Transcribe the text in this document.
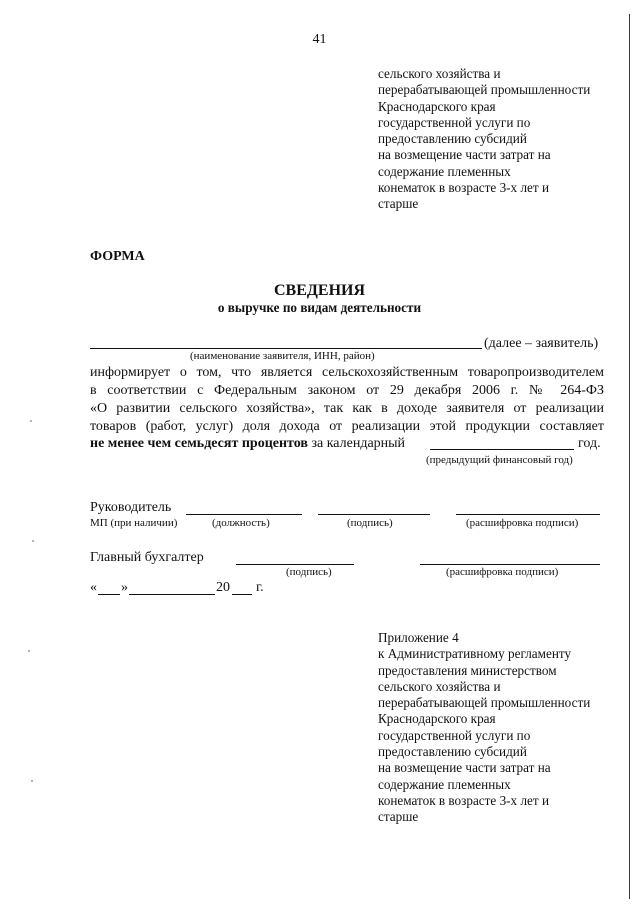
41
сельского хозяйства и
перерабатывающей промышленности
Краснодарского края
государственной услуги по
предоставлению субсидий
на возмещение части затрат на
содержание племенных
конематок в возрасте 3-х лет и
старше
ФОРМА
СВЕДЕНИЯ
о выручке по видам деятельности
(далее – заявитель)
(наименование заявителя, ИНН, район)
информирует о том, что является сельскохозяйственным товаропроизводителем
в соответствии с Федеральным законом от 29 декабря 2006 г. № 264-ФЗ
«О развитии сельского хозяйства», так как в доходе заявителя от реализации
товаров (работ, услуг) доля дохода от реализации этой продукции составляет
не менее чем семьдесят процентов за календарный	год.
(предыдущий финансовый год)
Руководитель
МП (при наличии)	(должность)	(подпись)	(расшифровка подписи)
Главный бухгалтер
(подпись)	(расшифровка подписи)
« »	20 г.
Приложение 4
к Административному регламенту
предоставления министерством
сельского хозяйства и
перерабатывающей промышленности
Краснодарского края
государственной услуги по
предоставлению субсидий
на возмещение части затрат на
содержание племенных
конематок в возрасте 3-х лет и
старше
